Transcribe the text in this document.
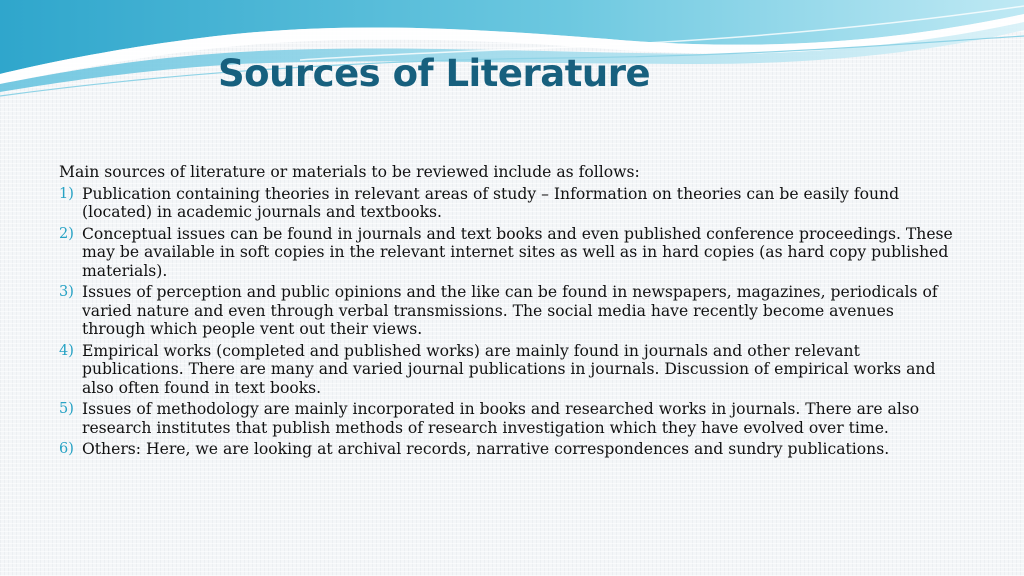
Sources of Literature

Main sources of literature or materials to be reviewed include as follows:

1) Publication containing theories in relevant areas of study – Information on theories can be easily found (located) in academic journals and textbooks.
2) Conceptual issues can be found in journals and text books and even published conference proceedings. These may be available in soft copies in the relevant internet sites as well as in hard copies (as hard copy published materials).
3) Issues of perception and public opinions and the like can be found in newspapers, magazines, periodicals of varied nature and even through verbal transmissions. The social media have recently become avenues through which people vent out their views.
4) Empirical works (completed and published works) are mainly found in journals and other relevant publications. There are many and varied journal publications in journals. Discussion of empirical works and also often found in text books.
5) Issues of methodology are mainly incorporated in books and researched works in journals. There are also research institutes that publish methods of research investigation which they have evolved over time.
6) Others: Here, we are looking at archival records, narrative correspondences and sundry publications.
